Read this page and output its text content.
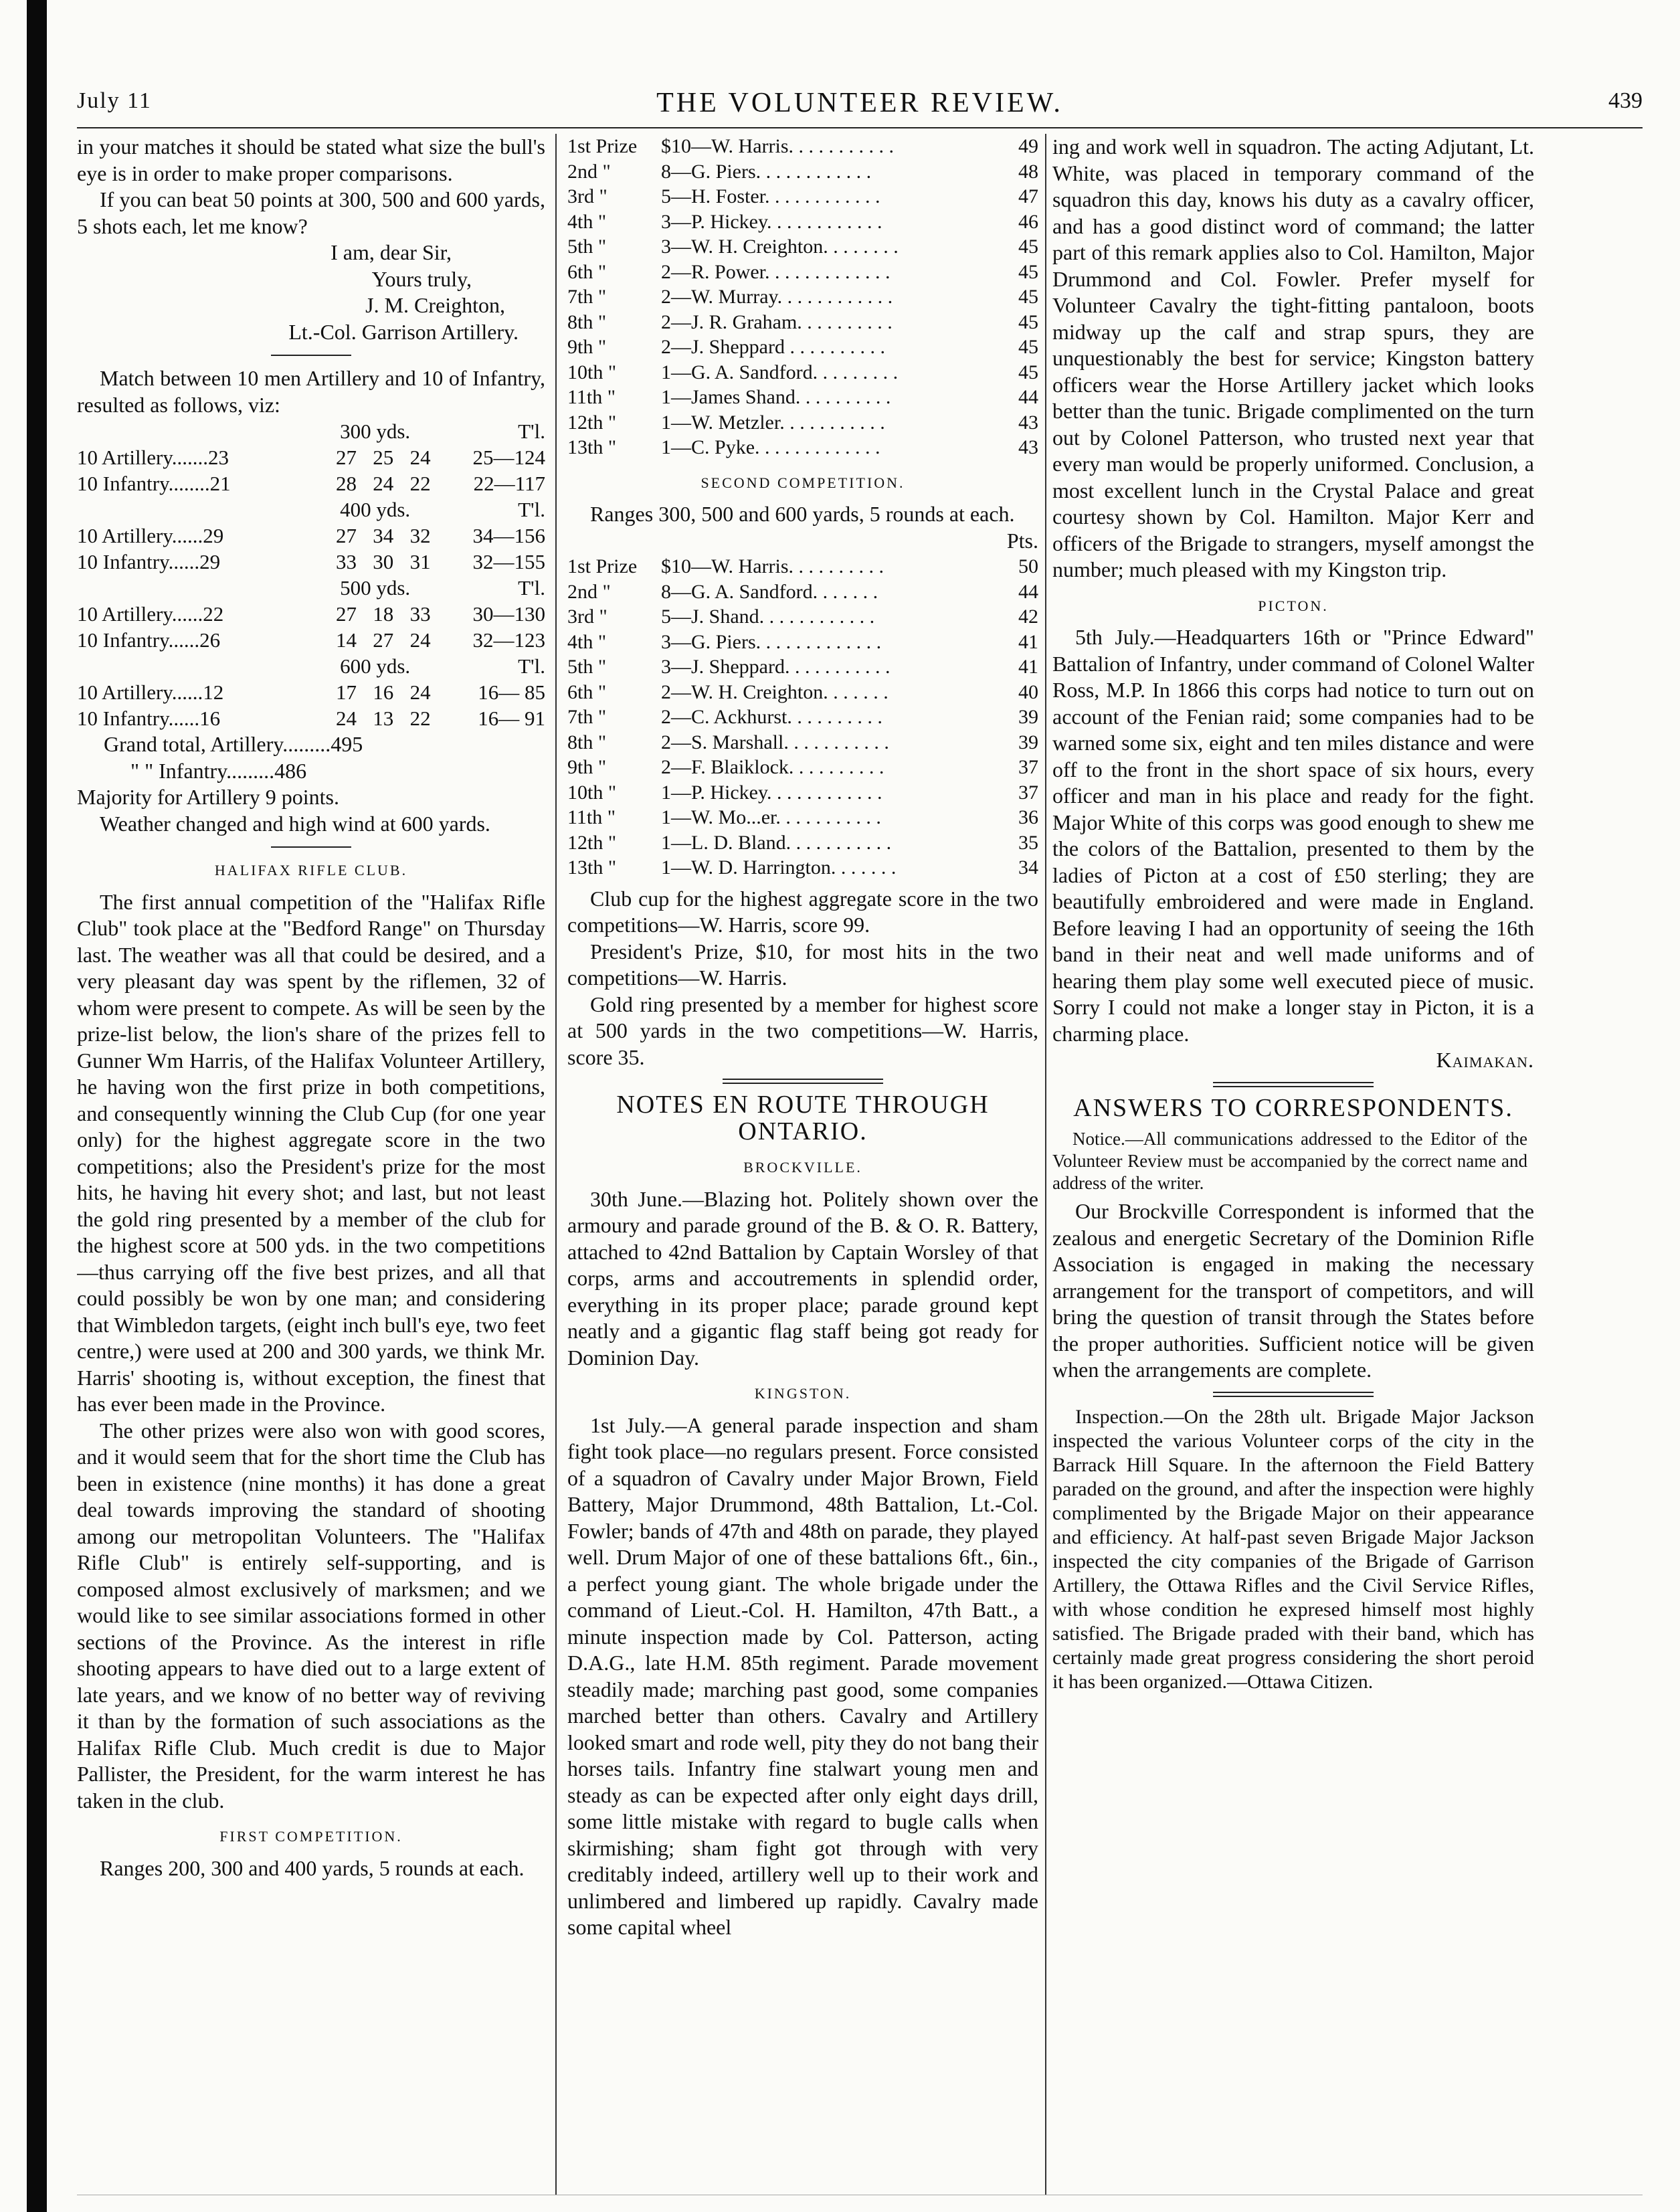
July 11	THE VOLUNTEER REVIEW.	439

in your matches it should be stated what size the bull's eye is in order to make proper comparisons.

If you can beat 50 points at 300, 500 and 600 yards, 5 shots each, let me know?

I am, dear Sir,

Yours truly,

J. M. Creighton,

Lt.-Col. Garrison Artillery.

Match between 10 men Artillery and 10 of Infantry, resulted as follows, viz:

	300 yds.			T'l.
10 Artillery.......23	27	25	24	25—124
10 Infantry........21	28	24	22	22—117
	400 yds.			T'l.
10 Artillery......29	27	34	32	34—156
10 Infantry......29	33	30	31	32—155
	500 yds.			T'l.
10 Artillery......22	27	18	33	30—130
10 Infantry......26	14	27	24	32—123
	600 yds.			T'l.
10 Artillery......12	17	16	24	16— 85
10 Infantry......16	24	13	22	16— 91

Grand total, Artillery.........495

" " Infantry.........486

Majority for Artillery 9 points.

Weather changed and high wind at 600 yards.

HALIFAX RIFLE CLUB.

The first annual competition of the "Halifax Rifle Club" took place at the "Bedford Range" on Thursday last. The weather was all that could be desired, and a very pleasant day was spent by the riflemen, 32 of whom were present to compete. As will be seen by the prize-list below, the lion's share of the prizes fell to Gunner Wm Harris, of the Halifax Volunteer Artillery, he having won the first prize in both competitions, and consequently winning the Club Cup (for one year only) for the highest aggregate score in the two competitions; also the President's prize for the most hits, he having hit every shot; and last, but not least the gold ring presented by a member of the club for the highest score at 500 yds. in the two competitions—thus carrying off the five best prizes, and all that could possibly be won by one man; and considering that Wimbledon targets, (eight inch bull's eye, two feet centre,) were used at 200 and 300 yards, we think Mr. Harris' shooting is, without exception, the finest that has ever been made in the Province.

The other prizes were also won with good scores, and it would seem that for the short time the Club has been in existence (nine months) it has done a great deal towards improving the standard of shooting among our metropolitan Volunteers. The "Halifax Rifle Club" is entirely self-supporting, and is composed almost exclusively of marksmen; and we would like to see similar associations formed in other sections of the Province. As the interest in rifle shooting appears to have died out to a large extent of late years, and we know of no better way of reviving it than by the formation of such associations as the Halifax Rifle Club. Much credit is due to Major Pallister, the President, for the warm interest he has taken in the club.

FIRST COMPETITION.

Ranges 200, 300 and 400 yards, 5 rounds at each.

1st Prize	$10—W. Harris. . . . . . . . . . .	49
2nd "	8—G. Piers. . . . . . . . . . . .	48
3rd "	5—H. Foster. . . . . . . . . . . .	47
4th "	3—P. Hickey. . . . . . . . . . . .	46
5th "	3—W. H. Creighton. . . . . . . .	45
6th "	2—R. Power. . . . . . . . . . . . .	45
7th "	2—W. Murray. . . . . . . . . . . .	45
8th "	2—J. R. Graham. . . . . . . . . .	45
9th "	2—J. Sheppard . . . . . . . . . .	45
10th "	1—G. A. Sandford. . . . . . . . .	45
11th "	1—James Shand. . . . . . . . . .	44
12th "	1—W. Metzler. . . . . . . . . . .	43
13th "	1—C. Pyke. . . . . . . . . . . . .	43
SECOND COMPETITION.

Ranges 300, 500 and 600 yards, 5 rounds at each.

Pts.

1st Prize	$10—W. Harris. . . . . . . . . .	50
2nd "	8—G. A. Sandford. . . . . . .	44
3rd "	5—J. Shand. . . . . . . . . . . .	42
4th "	3—G. Piers. . . . . . . . . . . . .	41
5th "	3—J. Sheppard. . . . . . . . . . .	41
6th "	2—W. H. Creighton. . . . . . .	40
7th "	2—C. Ackhurst. . . . . . . . . .	39
8th "	2—S. Marshall. . . . . . . . . . .	39
9th "	2—F. Blaiklock. . . . . . . . . .	37
10th "	1—P. Hickey. . . . . . . . . . . .	37
11th "	1—W. Mo...er. . . . . . . . . . .	36
12th "	1—L. D. Bland. . . . . . . . . . .	35
13th "	1—W. D. Harrington. . . . . . .	34

Club cup for the highest aggregate score in the two competitions—W. Harris, score 99.

President's Prize, $10, for most hits in the two competitions—W. Harris.

Gold ring presented by a member for highest score at 500 yards in the two competitions—W. Harris, score 35.

NOTES EN ROUTE THROUGH ONTARIO.
BROCKVILLE.

30th June.—Blazing hot. Politely shown over the armoury and parade ground of the B. & O. R. Battery, attached to 42nd Battalion by Captain Worsley of that corps, arms and accoutrements in splendid order, everything in its proper place; parade ground kept neatly and a gigantic flag staff being got ready for Dominion Day.

KINGSTON.

1st July.—A general parade inspection and sham fight took place—no regulars present. Force consisted of a squadron of Cavalry under Major Brown, Field Battery, Major Drummond, 48th Battalion, Lt.-Col. Fowler; bands of 47th and 48th on parade, they played well. Drum Major of one of these battalions 6ft., 6in., a perfect young giant. The whole brigade under the command of Lieut.-Col. H. Hamilton, 47th Batt., a minute inspection made by Col. Patterson, acting D.A.G., late H.M. 85th regiment. Parade movement steadily made; marching past good, some companies marched better than others. Cavalry and Artillery looked smart and rode well, pity they do not bang their horses tails. Infantry fine stalwart young men and steady as can be expected after only eight days drill, some little mistake with regard to bugle calls when skirmishing; sham fight got through with very creditably indeed, artillery well up to their work and unlimbered and limbered up rapidly. Cavalry made some capital wheel

ing and work well in squadron. The acting Adjutant, Lt. White, was placed in temporary command of the squadron this day, knows his duty as a cavalry officer, and has a good distinct word of command; the latter part of this remark applies also to Col. Hamilton, Major Drummond and Col. Fowler. Prefer myself for Volunteer Cavalry the tight-fitting pantaloon, boots midway up the calf and strap spurs, they are unquestionably the best for service; Kingston battery officers wear the Horse Artillery jacket which looks better than the tunic. Brigade complimented on the turn out by Colonel Patterson, who trusted next year that every man would be properly uniformed. Conclusion, a most excellent lunch in the Crystal Palace and great courtesy shown by Col. Hamilton. Major Kerr and officers of the Brigade to strangers, myself amongst the number; much pleased with my Kingston trip.

PICTON.

5th July.—Headquarters 16th or "Prince Edward" Battalion of Infantry, under command of Colonel Walter Ross, M.P. In 1866 this corps had notice to turn out on account of the Fenian raid; some companies had to be warned some six, eight and ten miles distance and were off to the front in the short space of six hours, every officer and man in his place and ready for the fight. Major White of this corps was good enough to shew me the colors of the Battalion, presented to them by the ladies of Picton at a cost of £50 sterling; they are beautifully embroidered and were made in England. Before leaving I had an opportunity of seeing the 16th band in their neat and well made uniforms and of hearing them play some well executed piece of music. Sorry I could not make a longer stay in Picton, it is a charming place.

Kaimakan.

ANSWERS TO CORRESPONDENTS.

Notice.—All communications addressed to the Editor of the Volunteer Review must be accompanied by the correct name and address of the writer.

Our Brockville Correspondent is informed that the zealous and energetic Secretary of the Dominion Rifle Association is engaged in making the necessary arrangement for the transport of competitors, and will bring the question of transit through the States before the proper authorities. Sufficient notice will be given when the arrangements are complete.

Inspection.—On the 28th ult. Brigade Major Jackson inspected the various Volunteer corps of the city in the Barrack Hill Square. In the afternoon the Field Battery paraded on the ground, and after the inspection were highly complimented by the Brigade Major on their appearance and efficiency. At half-past seven Brigade Major Jackson inspected the city companies of the Brigade of Garrison Artillery, the Ottawa Rifles and the Civil Service Rifles, with whose condition he expresed himself most highly satisfied. The Brigade praded with their band, which has certainly made great progress considering the short peroid it has been organized.—Ottawa Citizen.
